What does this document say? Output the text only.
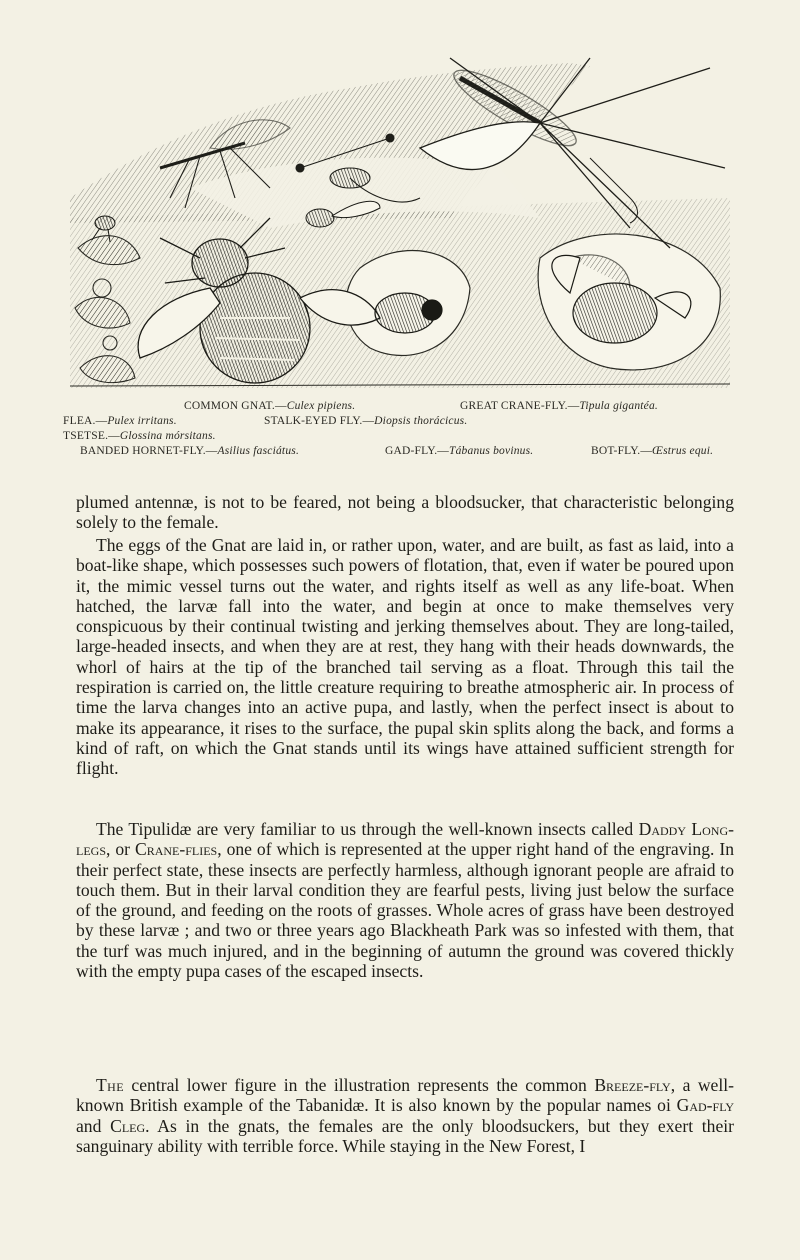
COMMON GNAT.—Culex pipiens.	GREAT CRANE-FLY.—Tipula gigantéa.
FLEA.—Pulex irritans.	STALK-EYED FLY.—Diopsis thorácicus.
TSETSE.—Glossina mórsitans.
BANDED HORNET-FLY.—Asilius fasciátus.	GAD-FLY.—Tábanus bovinus.	BOT-FLY.—Œstrus equi.

plumed antennæ, is not to be feared, not being a bloodsucker, that characteristic belonging solely to the female.

The eggs of the Gnat are laid in, or rather upon, water, and are built, as fast as laid, into a boat-like shape, which possesses such powers of flotation, that, even if water be poured upon it, the mimic vessel turns out the water, and rights itself as well as any life-boat. When hatched, the larvæ fall into the water, and begin at once to make themselves very conspicuous by their continual twisting and jerking themselves about. They are long-tailed, large-headed insects, and when they are at rest, they hang with their heads downwards, the whorl of hairs at the tip of the branched tail serving as a float. Through this tail the respiration is carried on, the little creature requiring to breathe atmospheric air. In process of time the larva changes into an active pupa, and lastly, when the perfect insect is about to make its appearance, it rises to the surface, the pupal skin splits along the back, and forms a kind of raft, on which the Gnat stands until its wings have attained sufficient strength for flight.

The Tipulidæ are very familiar to us through the well-known insects called Daddy Long-legs, or Crane-flies, one of which is represented at the upper right hand of the engraving. In their perfect state, these insects are perfectly harmless, although ignorant people are afraid to touch them. But in their larval condition they are fearful pests, living just below the surface of the ground, and feeding on the roots of grasses. Whole acres of grass have been destroyed by these larvæ ; and two or three years ago Blackheath Park was so infested with them, that the turf was much injured, and in the beginning of autumn the ground was covered thickly with the empty pupa cases of the escaped insects.

The central lower figure in the illustration represents the common Breeze-fly, a well-known British example of the Tabanidæ. It is also known by the popular names oi Gad-fly and Cleg. As in the gnats, the females are the only bloodsuckers, but they exert their sanguinary ability with terrible force. While staying in the New Forest, I
